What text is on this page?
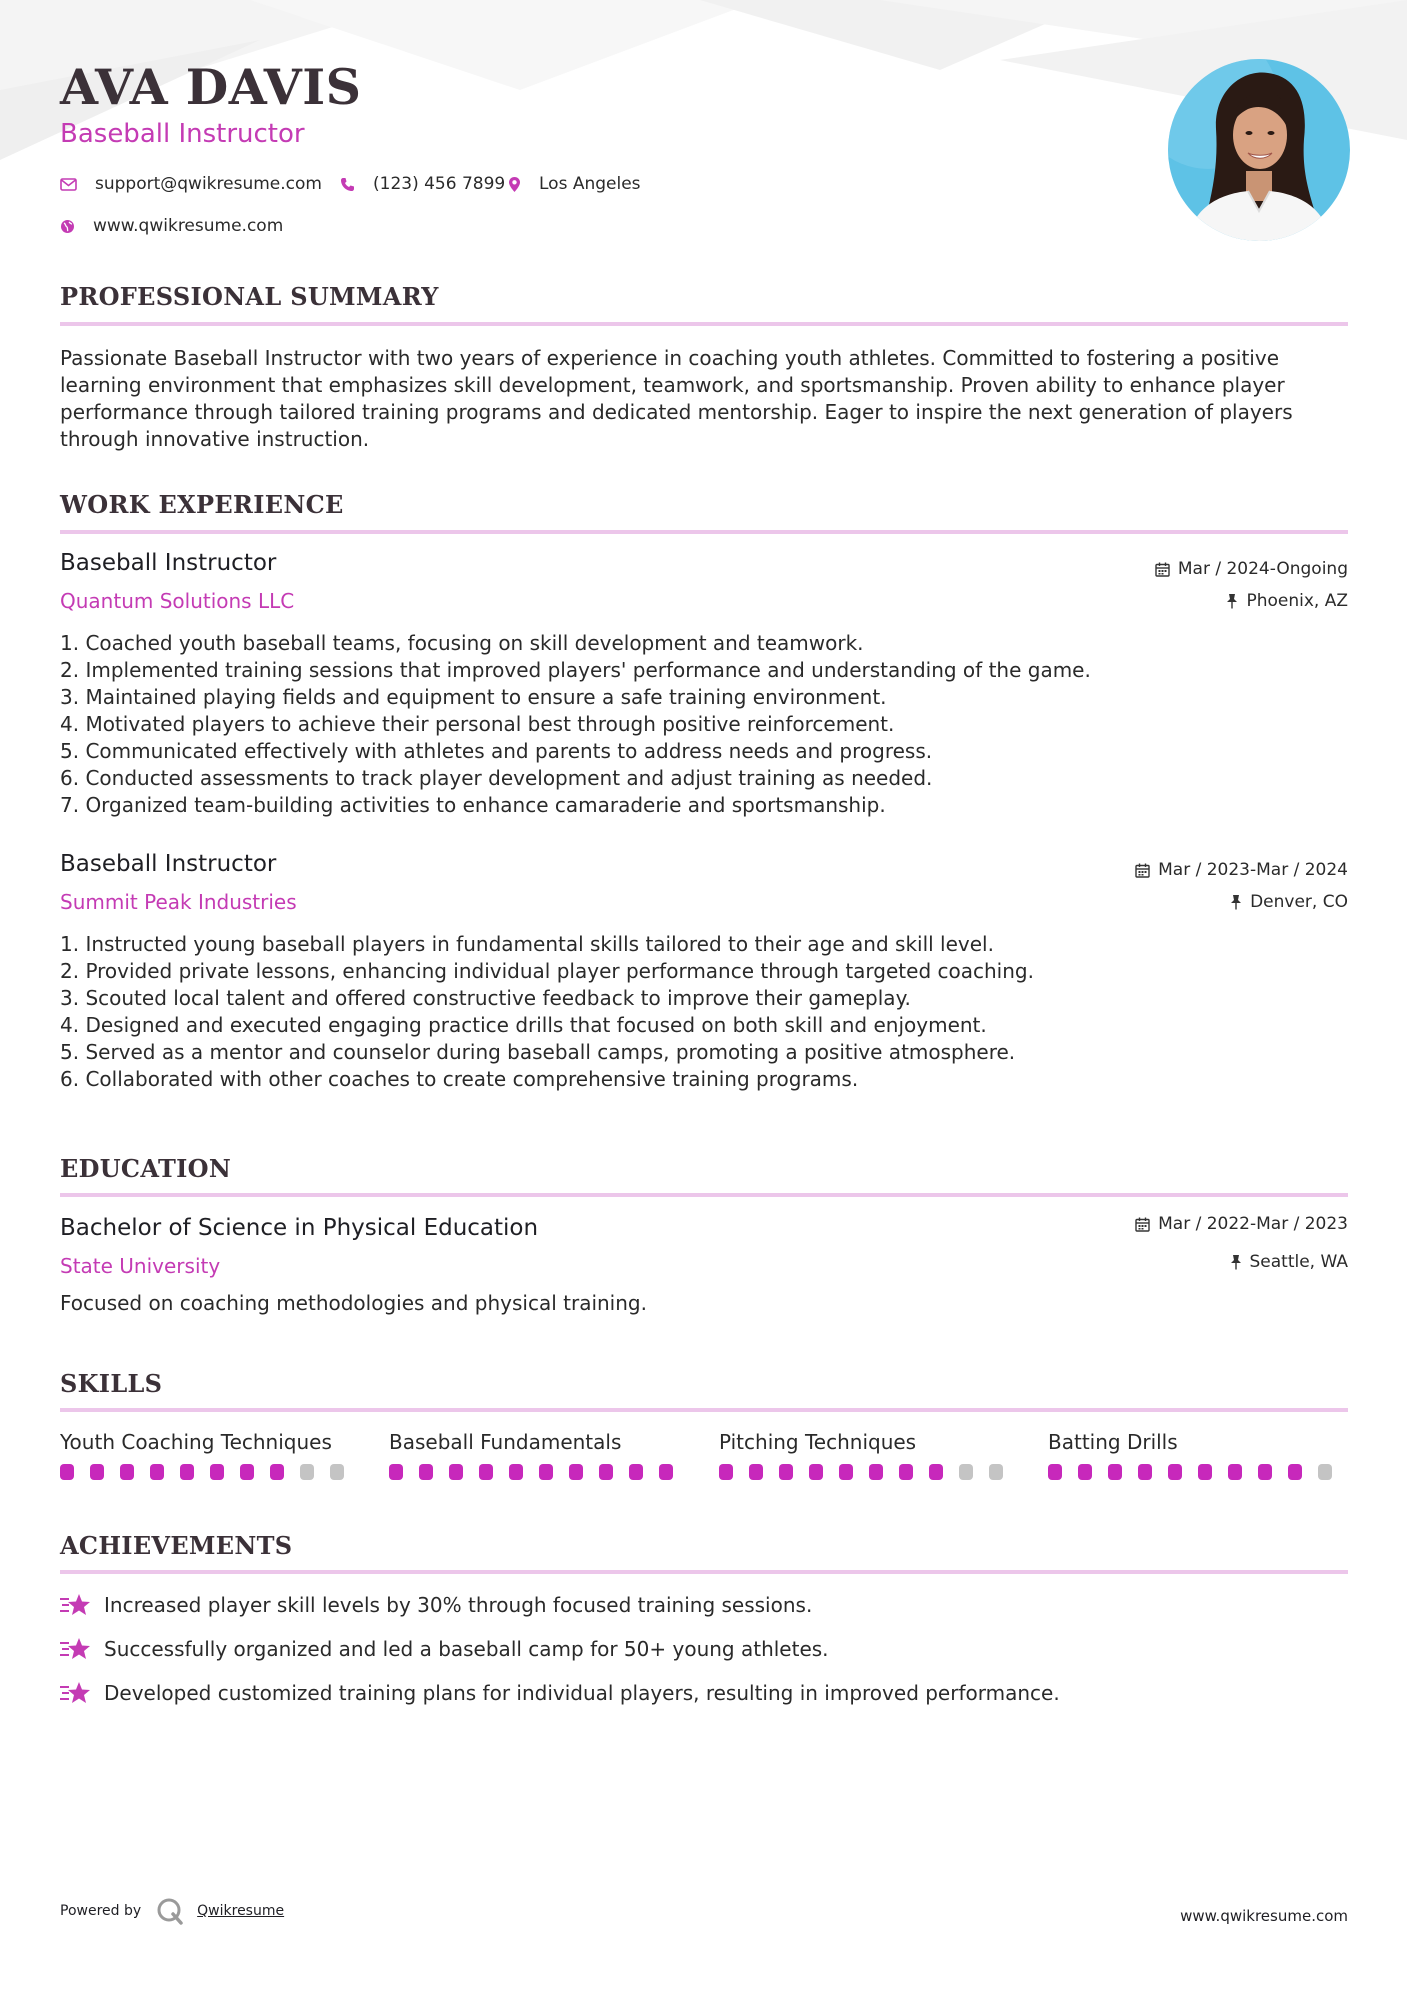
AVA DAVIS
Baseball Instructor
support@qwikresume.com	(123) 456 7899 Los Angeles
www.qwikresume.com
PROFESSIONAL SUMMARY
Passionate Baseball Instructor with two years of experience in coaching youth athletes. Committed to fostering a positive learning environment that emphasizes skill development, teamwork, and sportsmanship. Proven ability to enhance player performance through tailored training programs and dedicated mentorship. Eager to inspire the next generation of players through innovative instruction.
WORK EXPERIENCE
Baseball Instructor
Quantum Solutions LLC
Mar / 2024-Ongoing
Phoenix, AZ
1. Coached youth baseball teams, focusing on skill development and teamwork.
2. Implemented training sessions that improved players' performance and understanding of the game.
3. Maintained playing fields and equipment to ensure a safe training environment.
4. Motivated players to achieve their personal best through positive reinforcement.
5. Communicated effectively with athletes and parents to address needs and progress.
6. Conducted assessments to track player development and adjust training as needed.
7. Organized team-building activities to enhance camaraderie and sportsmanship.
Baseball Instructor
Summit Peak Industries
Mar / 2023-Mar / 2024
Denver, CO
1. Instructed young baseball players in fundamental skills tailored to their age and skill level.
2. Provided private lessons, enhancing individual player performance through targeted coaching.
3. Scouted local talent and offered constructive feedback to improve their gameplay.
4. Designed and executed engaging practice drills that focused on both skill and enjoyment.
5. Served as a mentor and counselor during baseball camps, promoting a positive atmosphere.
6. Collaborated with other coaches to create comprehensive training programs.
EDUCATION
Bachelor of Science in Physical Education
State University
Mar / 2022-Mar / 2023
Seattle, WA
Focused on coaching methodologies and physical training.
SKILLS
Youth Coaching Techniques	Baseball Fundamentals	Pitching Techniques	Batting Drills
ACHIEVEMENTS
Increased player skill levels by 30% through focused training sessions.
Successfully organized and led a baseball camp for 50+ young athletes.
Developed customized training plans for individual players, resulting in improved performance.
Powered by	Qwikresume	www.qwikresume.com
